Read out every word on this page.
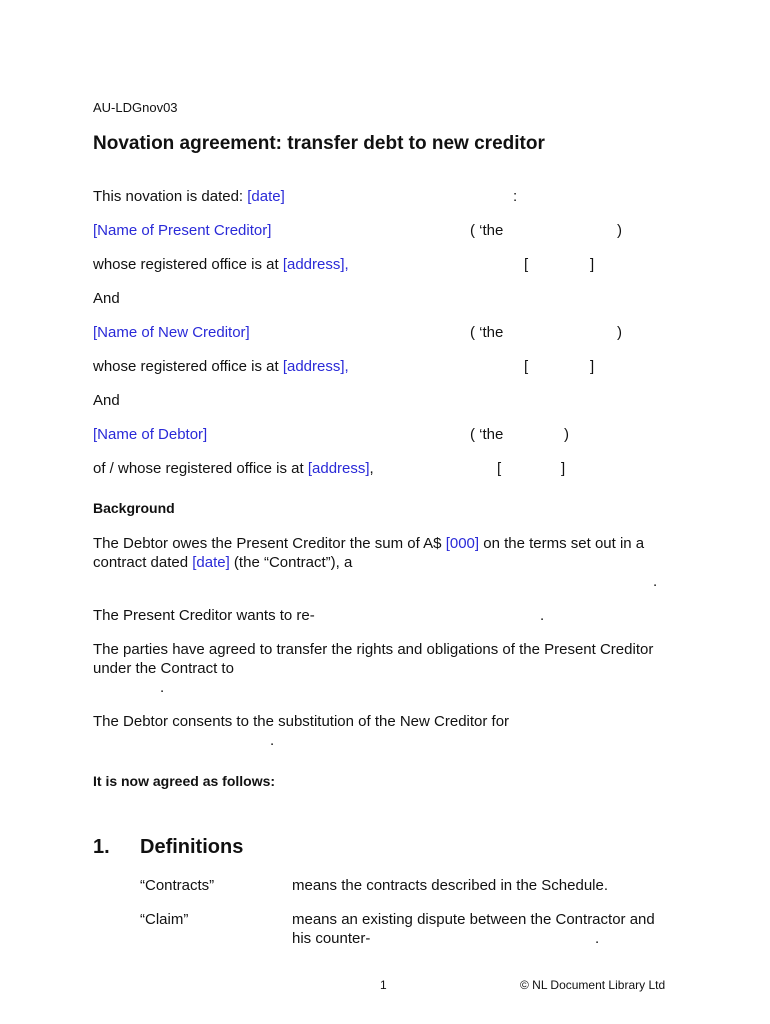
AU-LDGnov03
Novation agreement: transfer debt to new creditor
This novation is dated: [date]	:
[Name of Present Creditor]	( ‘the	)
whose registered office is at [address],	[	]
And
[Name of New Creditor]	( ‘the	)
whose registered office is at [address],	[	]
And
[Name of Debtor]	( ‘the	)
of / whose registered office is at [address],	[	]
Background
The Debtor owes the Present Creditor the sum of A$ [000] on the terms set out in a
contract dated [date] (the “Contract”), a
.
The Present Creditor wants to re-	.
The parties have agreed to transfer the rights and obligations of the Present Creditor
under the Contract to
.
The Debtor consents to the substitution of the New Creditor for
.
It is now agreed as follows:
1. Definitions
“Contracts”	means the contracts described in the Schedule.
“Claim”	means an existing dispute between the Contractor and
his counter-	.
1	© NL Document Library Ltd
